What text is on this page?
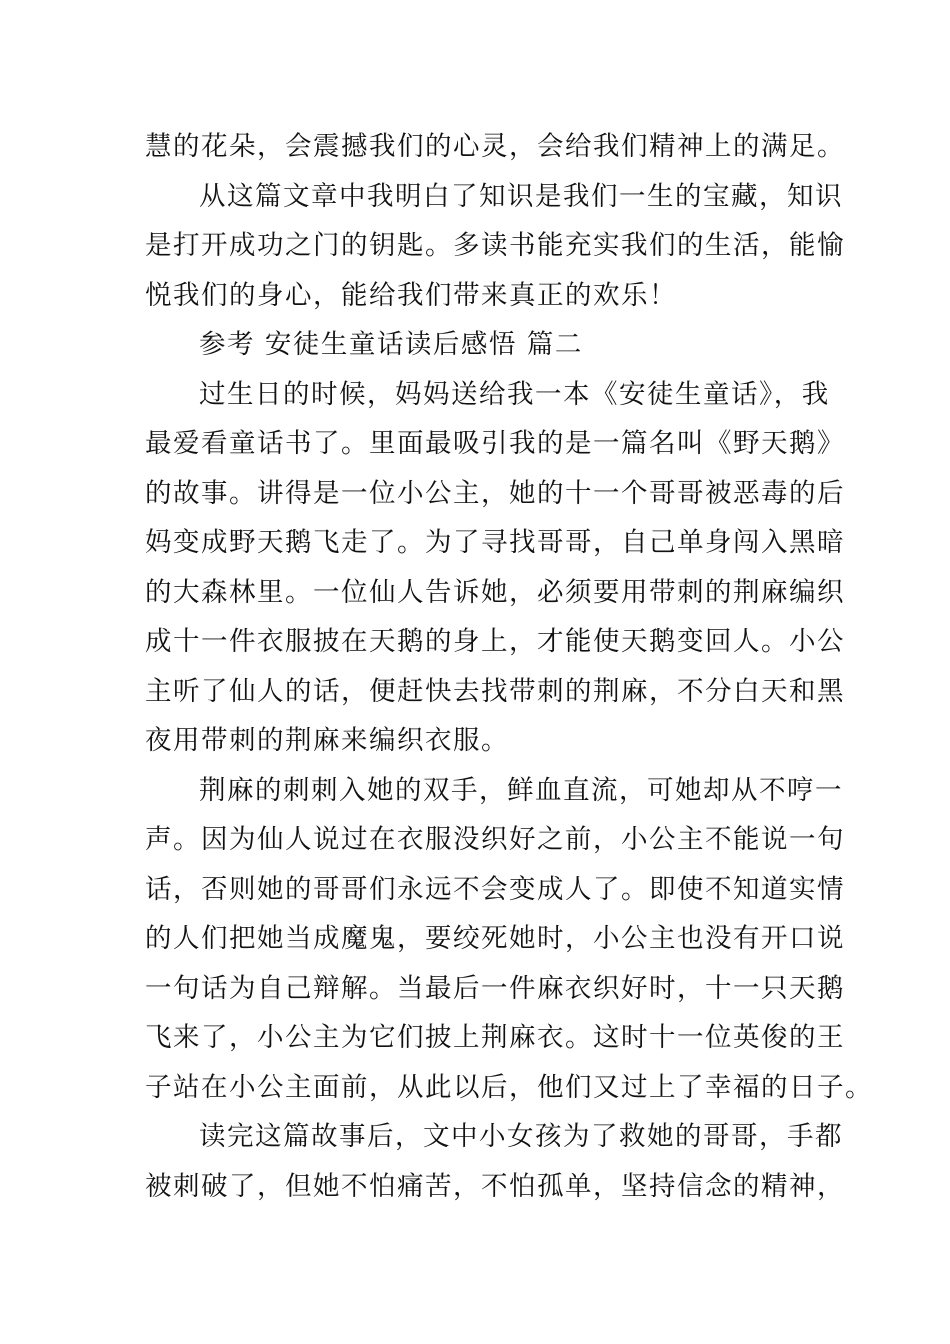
慧的花朵，会震撼我们的心灵，会给我们精神上的满足。
从这篇文章中我明白了知识是我们一生的宝藏，知识
是打开成功之门的钥匙。多读书能充实我们的生活，能愉
悦我们的身心，能给我们带来真正的欢乐！
参考 安徒生童话读后感悟 篇二
过生日的时候，妈妈送给我一本《安徒生童话》，我
最爱看童话书了。里面最吸引我的是一篇名叫《野天鹅》
的故事。讲得是一位小公主，她的十一个哥哥被恶毒的后
妈变成野天鹅飞走了。为了寻找哥哥，自己单身闯入黑暗
的大森林里。一位仙人告诉她，必须要用带刺的荆麻编织
成十一件衣服披在天鹅的身上，才能使天鹅变回人。小公
主听了仙人的话，便赶快去找带刺的荆麻，不分白天和黑
夜用带刺的荆麻来编织衣服。
荆麻的刺刺入她的双手，鲜血直流，可她却从不哼一
声。因为仙人说过在衣服没织好之前，小公主不能说一句
话，否则她的哥哥们永远不会变成人了。即使不知道实情
的人们把她当成魔鬼，要绞死她时，小公主也没有开口说
一句话为自己辩解。当最后一件麻衣织好时，十一只天鹅
飞来了，小公主为它们披上荆麻衣。这时十一位英俊的王
子站在小公主面前，从此以后，他们又过上了幸福的日子。
读完这篇故事后，文中小女孩为了救她的哥哥，手都
被刺破了，但她不怕痛苦，不怕孤单，坚持信念的精神，
